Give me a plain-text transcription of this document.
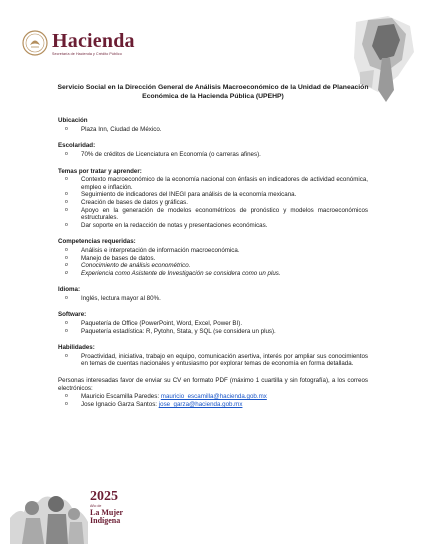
Hacienda
Secretaría de Hacienda y Crédito Público
Servicio Social en la Dirección General de Análisis Macroeconómico de la Unidad de Planeación Económica de la Hacienda Pública (UPEHP)
Ubicación
o Plaza Inn, Ciudad de México.
Escolaridad:
o 70% de créditos de Licenciatura en Economía (o carreras afines).
Temas por tratar y aprender:
o Contexto macroeconómico de la economía nacional con énfasis en indicadores de actividad económica, empleo e inflación.
o Seguimiento de indicadores del INEGI para análisis de la economía mexicana.
o Creación de bases de datos y gráficas.
o Apoyo en la generación de modelos econométricos de pronóstico y modelos macroeconómicos estructurales.
o Dar soporte en la redacción de notas y presentaciones económicas.
Competencias requeridas:
o Análisis e interpretación de información macroeconómica.
o Manejo de bases de datos.
o Conocimiento de análisis econométrico.
o Experiencia como Asistente de Investigación se considera como un plus.
Idioma:
o Inglés, lectura mayor al 80%.
Software:
o Paquetería de Office (PowerPoint, Word, Excel, Power BI).
o Paquetería estadística: R, Pytohn, Stata, y SQL (se considera un plus).
Habilidades:
o Proactividad, iniciativa, trabajo en equipo, comunicación asertiva, interés por ampliar sus conocimientos en temas de cuentas nacionales y entusiasmo por explorar temas de economía en forma detallada.
Personas interesadas favor de enviar su CV en formato PDF (máximo 1 cuartilla y sin fotografía), a los correos electrónicos:
o Mauricio Escamilla Paredes: mauricio_escamilla@hacienda.gob.mx
o Jose Ignacio Garza Santos: jose_garza@hacienda.gob.mx
2025
Año de
La Mujer
Indígena
